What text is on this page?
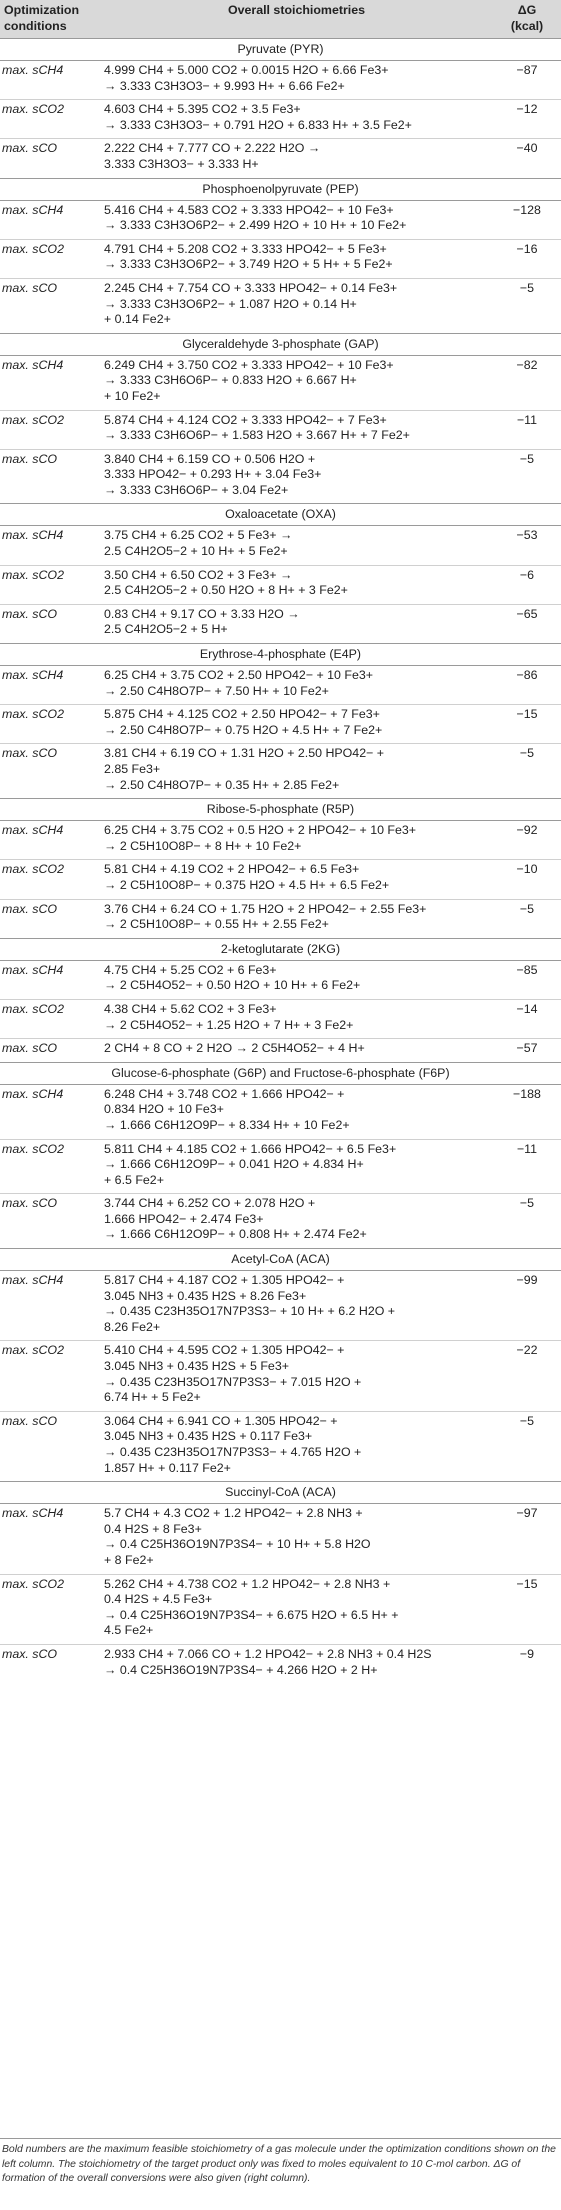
Optimization
conditions	Overall stoichiometries	ΔG
(kcal)

Pyruvate (PYR)		
max. sCH4	4.999 CH4 + 5.000 CO2 + 0.0015 H2O + 6.66 Fe3+
→ 3.333 C3H3O3− + 9.993 H+ + 6.66 Fe2+	−87
max. sCO2	4.603 CH4 + 5.395 CO2 + 3.5 Fe3+
→ 3.333 C3H3O3− + 0.791 H2O + 6.833 H+ + 3.5 Fe2+	−12
max. sCO	2.222 CH4 + 7.777 CO + 2.222 H2O →
3.333 C3H3O3− + 3.333 H+	−40
Phosphoenolpyruvate (PEP)		
max. sCH4	5.416 CH4 + 4.583 CO2 + 3.333 HPO42− + 10 Fe3+
→ 3.333 C3H3O6P2− + 2.499 H2O + 10 H+ + 10 Fe2+	−128
max. sCO2	4.791 CH4 + 5.208 CO2 + 3.333 HPO42− + 5 Fe3+
→ 3.333 C3H3O6P2− + 3.749 H2O + 5 H+ + 5 Fe2+	−16
max. sCO	2.245 CH4 + 7.754 CO + 3.333 HPO42− + 0.14 Fe3+
→ 3.333 C3H3O6P2− + 1.087 H2O + 0.14 H+
+ 0.14 Fe2+	−5
Glyceraldehyde 3-phosphate (GAP)		
max. sCH4	6.249 CH4 + 3.750 CO2 + 3.333 HPO42− + 10 Fe3+
→ 3.333 C3H6O6P− + 0.833 H2O + 6.667 H+
+ 10 Fe2+	−82
max. sCO2	5.874 CH4 + 4.124 CO2 + 3.333 HPO42− + 7 Fe3+
→ 3.333 C3H6O6P− + 1.583 H2O + 3.667 H+ + 7 Fe2+	−11
max. sCO	3.840 CH4 + 6.159 CO + 0.506 H2O +
3.333 HPO42− + 0.293 H+ + 3.04 Fe3+
→ 3.333 C3H6O6P− + 3.04 Fe2+	−5
Oxaloacetate (OXA)		
max. sCH4	3.75 CH4 + 6.25 CO2 + 5 Fe3+ →
2.5 C4H2O5−2 + 10 H+ + 5 Fe2+	−53
max. sCO2	3.50 CH4 + 6.50 CO2 + 3 Fe3+ →
2.5 C4H2O5−2 + 0.50 H2O + 8 H+ + 3 Fe2+	−6
max. sCO	0.83 CH4 + 9.17 CO + 3.33 H2O →
2.5 C4H2O5−2 + 5 H+	−65
Erythrose-4-phosphate (E4P)		
max. sCH4	6.25 CH4 + 3.75 CO2 + 2.50 HPO42− + 10 Fe3+
→ 2.50 C4H8O7P− + 7.50 H+ + 10 Fe2+	−86
max. sCO2	5.875 CH4 + 4.125 CO2 + 2.50 HPO42− + 7 Fe3+
→ 2.50 C4H8O7P− + 0.75 H2O + 4.5 H+ + 7 Fe2+	−15
max. sCO	3.81 CH4 + 6.19 CO + 1.31 H2O + 2.50 HPO42− +
2.85 Fe3+
→ 2.50 C4H8O7P− + 0.35 H+ + 2.85 Fe2+	−5
Ribose-5-phosphate (R5P)		
max. sCH4	6.25 CH4 + 3.75 CO2 + 0.5 H2O + 2 HPO42− + 10 Fe3+
→ 2 C5H10O8P− + 8 H+ + 10 Fe2+	−92
max. sCO2	5.81 CH4 + 4.19 CO2 + 2 HPO42− + 6.5 Fe3+
→ 2 C5H10O8P− + 0.375 H2O + 4.5 H+ + 6.5 Fe2+	−10
max. sCO	3.76 CH4 + 6.24 CO + 1.75 H2O + 2 HPO42− + 2.55 Fe3+
→ 2 C5H10O8P− + 0.55 H+ + 2.55 Fe2+	−5
2-ketoglutarate (2KG)		
max. sCH4	4.75 CH4 + 5.25 CO2 + 6 Fe3+
→ 2 C5H4O52− + 0.50 H2O + 10 H+ + 6 Fe2+	−85
max. sCO2	4.38 CH4 + 5.62 CO2 + 3 Fe3+
→ 2 C5H4O52− + 1.25 H2O + 7 H+ + 3 Fe2+	−14
max. sCO	2 CH4 + 8 CO + 2 H2O → 2 C5H4O52− + 4 H+	−57
Glucose-6-phosphate (G6P) and Fructose-6-phosphate (F6P)		
max. sCH4	6.248 CH4 + 3.748 CO2 + 1.666 HPO42− +
0.834 H2O + 10 Fe3+
→ 1.666 C6H12O9P− + 8.334 H+ + 10 Fe2+	−188
max. sCO2	5.811 CH4 + 4.185 CO2 + 1.666 HPO42− + 6.5 Fe3+
→ 1.666 C6H12O9P− + 0.041 H2O + 4.834 H+
+ 6.5 Fe2+	−11
max. sCO	3.744 CH4 + 6.252 CO + 2.078 H2O +
1.666 HPO42− + 2.474 Fe3+
→ 1.666 C6H12O9P− + 0.808 H+ + 2.474 Fe2+	−5
Acetyl-CoA (ACA)		
max. sCH4	5.817 CH4 + 4.187 CO2 + 1.305 HPO42− +
3.045 NH3 + 0.435 H2S + 8.26 Fe3+
→ 0.435 C23H35O17N7P3S3− + 10 H+ + 6.2 H2O +
8.26 Fe2+	−99
max. sCO2	5.410 CH4 + 4.595 CO2 + 1.305 HPO42− +
3.045 NH3 + 0.435 H2S + 5 Fe3+
→ 0.435 C23H35O17N7P3S3− + 7.015 H2O +
6.74 H+ + 5 Fe2+	−22
max. sCO	3.064 CH4 + 6.941 CO + 1.305 HPO42− +
3.045 NH3 + 0.435 H2S + 0.117 Fe3+
→ 0.435 C23H35O17N7P3S3− + 4.765 H2O +
1.857 H+ + 0.117 Fe2+	−5
Succinyl-CoA (ACA)		
max. sCH4	5.7 CH4 + 4.3 CO2 + 1.2 HPO42− + 2.8 NH3 +
0.4 H2S + 8 Fe3+
→ 0.4 C25H36O19N7P3S4− + 10 H+ + 5.8 H2O
+ 8 Fe2+	−97
max. sCO2	5.262 CH4 + 4.738 CO2 + 1.2 HPO42− + 2.8 NH3 +
0.4 H2S + 4.5 Fe3+
→ 0.4 C25H36O19N7P3S4− + 6.675 H2O + 6.5 H+ +
4.5 Fe2+	−15
max. sCO	2.933 CH4 + 7.066 CO + 1.2 HPO42− + 2.8 NH3 + 0.4 H2S
→ 0.4 C25H36O19N7P3S4− + 4.266 H2O + 2 H+	−9
Bold numbers are the maximum feasible stoichiometry of a gas molecule under the optimization conditions shown on the left column. The stoichiometry of the target product only was fixed to moles equivalent to 10 C-mol carbon. ΔG of formation of the overall conversions were also given (right column).
